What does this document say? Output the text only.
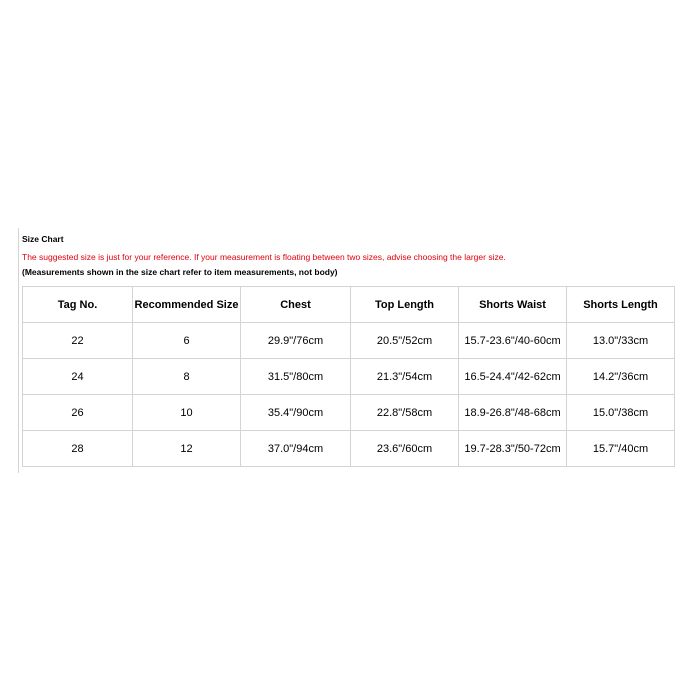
Size Chart
The suggested size is just for your reference. If your measurement is floating between two sizes, advise choosing the larger size.
(Measurements shown in the size chart refer to item measurements, not body)
Tag No.	Recommended Size	Chest	Top Length	Shorts Waist	Shorts Length
22	6	29.9"/76cm	20.5"/52cm	15.7-23.6"/40-60cm	13.0"/33cm
24	8	31.5"/80cm	21.3"/54cm	16.5-24.4"/42-62cm	14.2"/36cm
26	10	35.4"/90cm	22.8"/58cm	18.9-26.8"/48-68cm	15.0"/38cm
28	12	37.0"/94cm	23.6"/60cm	19.7-28.3"/50-72cm	15.7"/40cm
